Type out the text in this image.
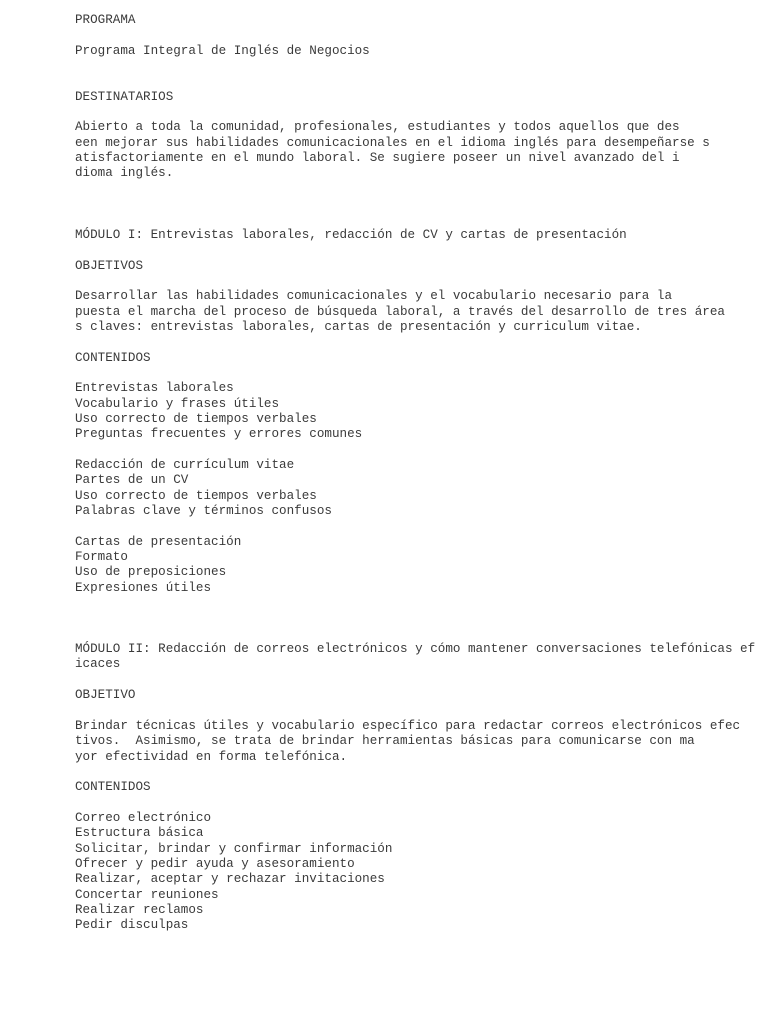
PROGRAMA
Programa Integral de Inglés de Negocios
DESTINATARIOS
Abierto a toda la comunidad, profesionales, estudiantes y todos aquellos que des
een mejorar sus habilidades comunicacionales en el idioma inglés para desempeñarse s
atisfactoriamente en el mundo laboral. Se sugiere poseer un nivel avanzado del i
dioma inglés.
MÓDULO I: Entrevistas laborales, redacción de CV y cartas de presentación
OBJETIVOS
Desarrollar las habilidades comunicacionales y el vocabulario necesario para la
puesta el marcha del proceso de búsqueda laboral, a través del desarrollo de tres área
s claves: entrevistas laborales, cartas de presentación y curriculum vitae.
CONTENIDOS
Entrevistas laborales
Vocabulario y frases útiles
Uso correcto de tiempos verbales
Preguntas frecuentes y errores comunes
Redacción de currículum vitae
Partes de un CV
Uso correcto de tiempos verbales
Palabras clave y términos confusos
Cartas de presentación
Formato
Uso de preposiciones
Expresiones útiles
MÓDULO II: Redacción de correos electrónicos y cómo mantener conversaciones telefónicas ef
icaces
OBJETIVO
Brindar técnicas útiles y vocabulario específico para redactar correos electrónicos efec
tivos.  Asimismo, se trata de brindar herramientas básicas para comunicarse con ma
yor efectividad en forma telefónica.
CONTENIDOS
Correo electrónico
Estructura básica
Solicitar, brindar y confirmar información
Ofrecer y pedir ayuda y asesoramiento
Realizar, aceptar y rechazar invitaciones
Concertar reuniones
Realizar reclamos
Pedir disculpas
